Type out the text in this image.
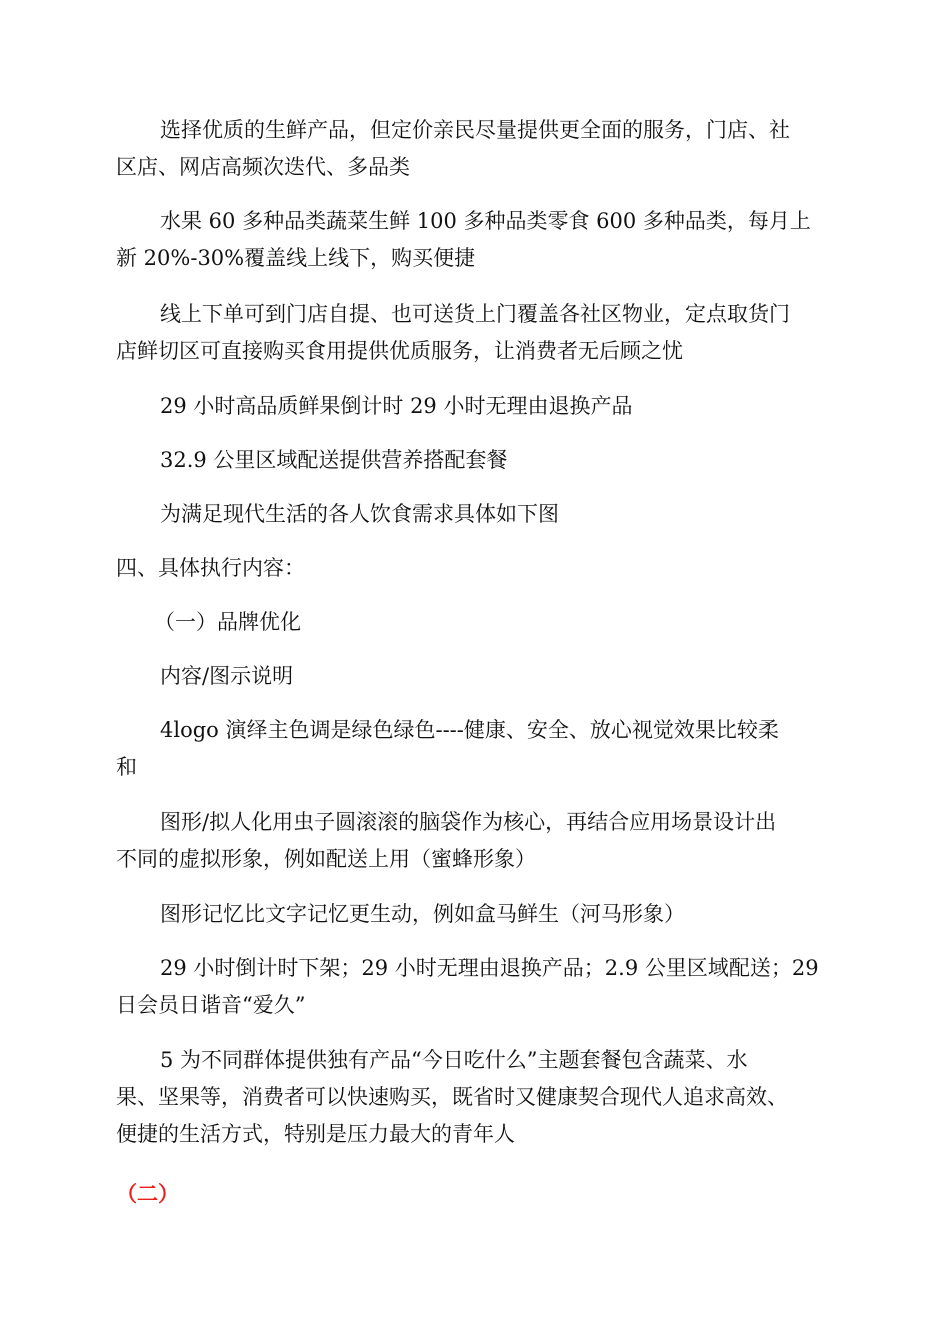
选择优质的生鲜产品，但定价亲民尽量提供更全面的服务，门店、社
区店、网店高频次迭代、多品类

水果 60 多种品类蔬菜生鲜 100 多种品类零食 600 多种品类，每月上
新 20%-30%覆盖线上线下，购买便捷

线上下单可到门店自提、也可送货上门覆盖各社区物业，定点取货门
店鲜切区可直接购买食用提供优质服务，让消费者无后顾之忧

29 小时高品质鲜果倒计时 29 小时无理由退换产品

32.9 公里区域配送提供营养搭配套餐

为满足现代生活的各人饮食需求具体如下图

四、具体执行内容：

（一）品牌优化

内容/图示说明

4logo 演绎主色调是绿色绿色----健康、安全、放心视觉效果比较柔
和

图形/拟人化用虫子圆滚滚的脑袋作为核心，再结合应用场景设计出
不同的虚拟形象，例如配送上用（蜜蜂形象）

图形记忆比文字记忆更生动，例如盒马鲜生（河马形象）

29 小时倒计时下架；29 小时无理由退换产品；2.9 公里区域配送；29
日会员日谐音“爱久”

5 为不同群体提供独有产品“今日吃什么”主题套餐包含蔬菜、水
果、坚果等，消费者可以快速购买，既省时又健康契合现代人追求高效、
便捷的生活方式，特别是压力最大的青年人

（二）
